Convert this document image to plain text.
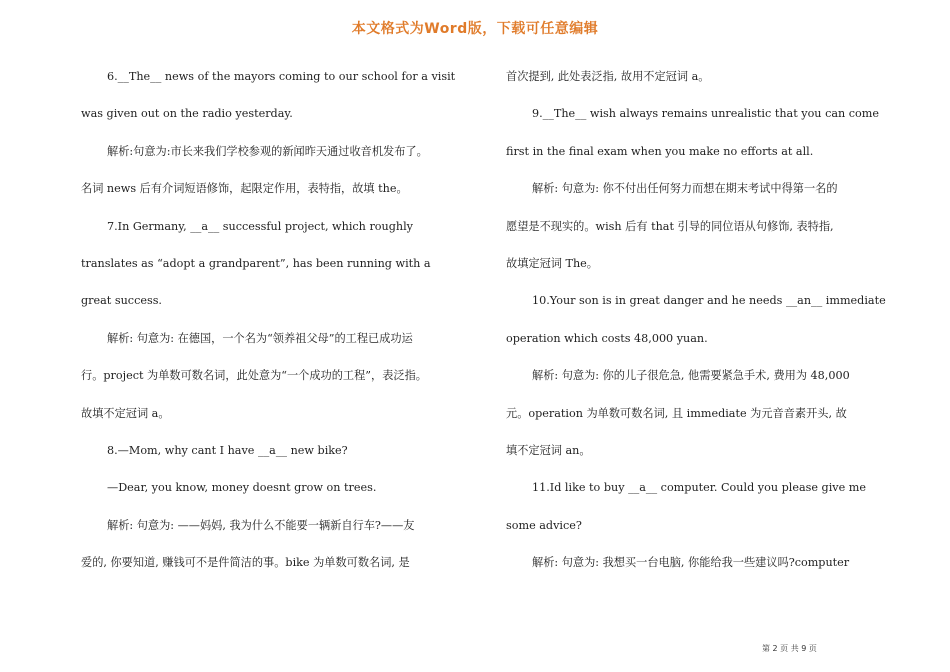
本文格式为Word版，下载可任意编辑
6.__The__ news of the mayors coming to our school for a visit
was given out on the radio yesterday.
解析:句意为:市长来我们学校参观的新闻昨天通过收音机发布了。
名词 news 后有介词短语修饰，起限定作用，表特指，故填 the。
7.In Germany, __a__ successful project, which roughly
translates as “adopt a grandparent”, has been running with a
great success.
解析: 句意为: 在德国，一个名为“领养祖父母”的工程已成功运
行。project 为单数可数名词，此处意为“一个成功的工程”，表泛指。
故填不定冠词 a。
8.—Mom, why cant I have __a__ new bike?
—Dear, you know, money doesnt grow on trees.
解析: 句意为: ——妈妈, 我为什么不能要一辆新自行车?——友
爱的, 你要知道, 赚钱可不是件简洁的事。bike 为单数可数名词, 是
首次提到, 此处表泛指, 故用不定冠词 a。
9.__The__ wish always remains unrealistic that you can come
first in the final exam when you make no efforts at all.
解析: 句意为: 你不付出任何努力而想在期末考试中得第一名的
愿望是不现实的。wish 后有 that 引导的同位语从句修饰, 表特指,
故填定冠词 The。
10.Your son is in great danger and he needs __an__ immediate
operation which costs 48,000 yuan.
解析: 句意为: 你的儿子很危急, 他需要紧急手术, 费用为 48,000
元。operation 为单数可数名词, 且 immediate 为元音音素开头, 故
填不定冠词 an。
11.Id like to buy __a__ computer. Could you please give me
some advice?
解析: 句意为: 我想买一台电脑, 你能给我一些建议吗?computer
第 2 页 共 9 页
